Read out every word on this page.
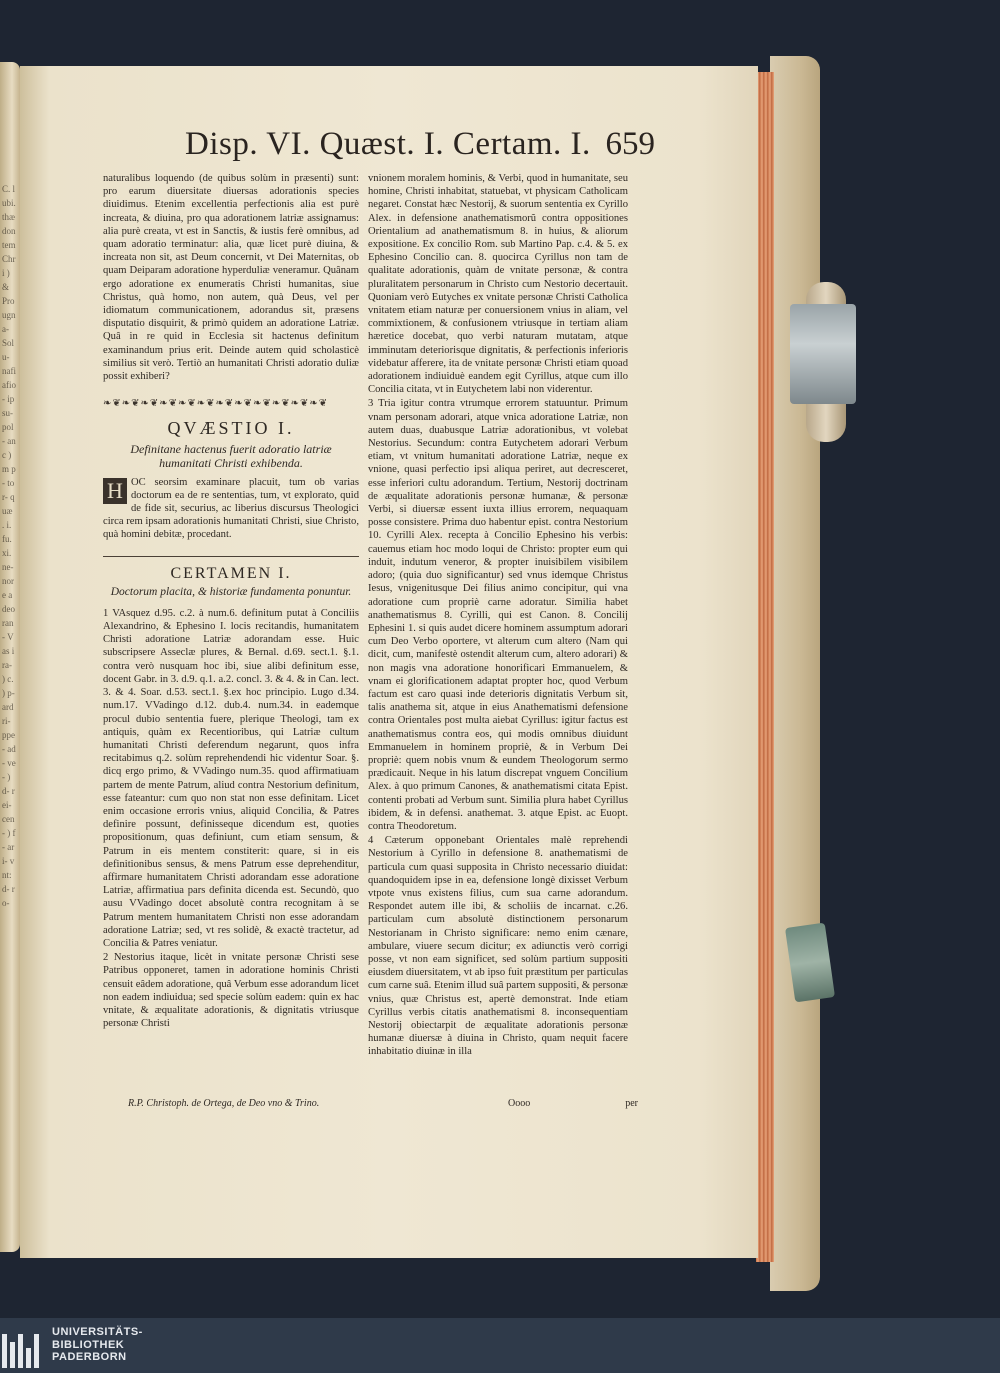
C. lubi. thæ don tem Chri ) & Pro ugna- Solu- nafi afio- ipsu- pol- anc ) m p- tor- quæ . i. fu. xi. ne- nore adeo ran- Vas i ra- ) c. ) p- ard ri- ppe- ad- ve- ) d- rei- cen- ) f- ari- vnt: d- ro-
Disp. VI. Quæst. I. Certam. I. 659

naturalibus loquendo (de quibus solùm in præsenti) sunt: pro earum diuersitate diuersas adorationis species diuidimus. Etenim excellentia perfectionis alia est purè increata, & diuina, pro qua adorationem latriæ assignamus: alia purè creata, vt est in Sanctis, & iustis ferè omnibus, ad quam adoratio terminatur: alia, quæ licet purè diuina, & increata non sit, ast Deum concernit, vt Dei Maternitas, ob quam Deiparam adoratione hyperduliæ veneramur. Quânam ergo adoratione ex enumeratis Christi humanitas, siue Christus, quà homo, non autem, quà Deus, vel per idiomatum communicationem, adorandus sit, præsens disputatio disquirit, & primò quidem an adoratione Latriæ. Quâ in re quid in Ecclesia sit hactenus definitum examinandum prius erit. Deinde autem quid scholasticè similius sit verò. Tertiò an humanitati Christi adoratio duliæ possit exhiberi?

❧❦❧❦❧❦❧❦❧❦❧❦❧❦❧❦❧❦❧❦❧❦❧❦
QVÆSTIO I.
Definitane hactenus fuerit adoratio latriæ humanitati Christi exhibenda.

H OC seorsim examinare placuit, tum ob varias doctorum ea de re sententias, tum, vt explorato, quid de fide sit, securius, ac liberius discursus Theologici circa rem ipsam adorationis humanitati Christi, siue Christo, quà homini debitæ, procedant.

CERTAMEN I.
Doctorum placita, & historiæ fundamenta ponuntur.

1 VAsquez d.95. c.2. à num.6. definitum putat à Conciliis Alexandrino, & Ephesino I. locis recitandis, humanitatem Christi adoratione Latriæ adorandam esse. Huic subscripsere Asseclæ plures, & Bernal. d.69. sect.1. §.1. contra verò nusquam hoc ibi, siue alibi definitum esse, docent Gabr. in 3. d.9. q.1. a.2. concl. 3. & 4. & in Can. lect. 3. & 4. Soar. d.53. sect.1. §.ex hoc principio. Lugo d.34. num.17. VVadingo d.12. dub.4. num.34. in eademque procul dubio sententia fuere, plerique Theologi, tam ex antiquis, quàm ex Recentioribus, qui Latriæ cultum humanitati Christi deferendum negarunt, quos infra recitabimus q.2. solùm reprehendendi hic videntur Soar. §. dicq ergo primo, & VVadingo num.35. quod affirmatiuam partem de mente Patrum, aliud contra Nestorium definitum, esse fateantur: cum quo non stat non esse definitam. Licet enim occasione erroris vnius, aliquid Concilia, & Patres definire possunt, definisseque dicendum est, quoties propositionum, quas definiunt, cum etiam sensum, & Patrum in eis mentem constiterit: quare, si in eis definitionibus sensus, & mens Patrum esse deprehenditur, affirmare humanitatem Christi adorandam esse adoratione Latriæ, affirmatiua pars definita dicenda est. Secundò, quo ausu VVadingo docet absolutè contra recognitam à se Patrum mentem humanitatem Christi non esse adorandam adoratione Latriæ; sed, vt res solidè, & exactè tractetur, ad Concilia & Patres veniatur.

2 Nestorius itaque, licèt in vnitate personæ Christi sese Patribus opponeret, tamen in adoratione hominis Christi censuit eâdem adoratione, quâ Verbum esse adorandum licet non eadem indiuidua; sed specie solùm eadem: quin ex hac vnitate, & æqualitate adorationis, & dignitatis vtriusque personæ Christi

vnionem moralem hominis, & Verbi, quod in humanitate, seu homine, Christi inhabitat, statuebat, vt physicam Catholicam negaret. Constat hæc Nestorij, & suorum sententia ex Cyrillo Alex. in defensione anathematismorũ contra oppositiones Orientalium ad anathematismum 8. in huius, & aliorum expositione. Ex concilio Rom. sub Martino Pap. c.4. & 5. ex Ephesino Concilio can. 8. quocirca Cyrillus non tam de qualitate adorationis, quàm de vnitate personæ, & contra pluralitatem personarum in Christo cum Nestorio decertauit. Quoniam verò Eutyches ex vnitate personæ Christi Catholica vnitatem etiam naturæ per conuersionem vnius in aliam, vel commixtionem, & confusionem vtriusque in tertiam aliam hæretice docebat, quo verbi naturam mutatam, atque imminutam deteriorisque dignitatis, & perfectionis inferioris videbatur afferere, ita de vnitate personæ Christi etiam quoad adorationem indiuiduè eandem egit Cyrillus, atque cum illo Concilia citata, vt in Eutychetem labi non viderentur.

3 Tria igitur contra vtrumque errorem statuuntur. Primum vnam personam adorari, atque vnica adoratione Latriæ, non autem duas, duabusque Latriæ adorationibus, vt volebat Nestorius. Secundum: contra Eutychetem adorari Verbum etiam, vt vnitum humanitati adoratione Latriæ, neque ex vnione, quasi perfectio ipsi aliqua periret, aut decresceret, esse inferiori cultu adorandum. Tertium, Nestorij doctrinam de æqualitate adorationis personæ humanæ, & personæ Verbi, si diuersæ essent iuxta illius errorem, nequaquam posse consistere. Prima duo habentur epist. contra Nestorium 10. Cyrilli Alex. recepta à Concilio Ephesino his verbis: cauemus etiam hoc modo loqui de Christo: propter eum qui induit, indutum veneror, & propter inuisibilem visibilem adoro; (quia duo significantur) sed vnus idemque Christus Iesus, vnigenitusque Dei filius animo concipitur, qui vna adoratione cum propriè carne adoratur. Similia habet anathematismus 8. Cyrilli, qui est Canon. 8. Concilij Ephesini 1. si quis audet dicere hominem assumptum adorari cum Deo Verbo oportere, vt alterum cum altero (Nam qui dicit, cum, manifestè ostendit alterum cum, altero adorari) & non magis vna adoratione honorificari Emmanuelem, & vnam ei glorificationem adaptat propter hoc, quod Verbum factum est caro quasi inde deterioris dignitatis Verbum sit, talis anathema sit, atque in eius Anathematismi defensione contra Orientales post multa aiebat Cyrillus: igitur factus est anathematismus contra eos, qui modis omnibus diuidunt Emmanuelem in hominem propriè, & in Verbum Dei propriè: quem nobis vnum & eundem Theologorum sermo prædicauit. Neque in his latum discrepat vnguem Concilium Alex. à quo primum Canones, & anathematismi citata Epist. contenti probati ad Verbum sunt. Similia plura habet Cyrillus ibidem, & in defensi. anathemat. 3. atque Epist. ac Euopt. contra Theodoretum.

4 Cæterum opponebant Orientales malè reprehendi Nestorium à Cyrillo in defensione 8. anathematismi de particula cum quasi supposita in Christo necessario diuidat: quandoquidem ipse in ea, defensione longè dixisset Verbum vtpote vnus existens filius, cum sua carne adorandum. Respondet autem ille ibi, & scholiis de incarnat. c.26. particulam cum absolutè distinctionem personarum Nestorianam in Christo significare: nemo enim cænare, ambulare, viuere secum dicitur; ex adiunctis verò corrigi posse, vt non eam significet, sed solùm partium suppositi eiusdem diuersitatem, vt ab ipso fuit præstitum per particulas cum carne suâ. Etenim illud suâ partem suppositi, & personæ vnius, quæ Christus est, apertè demonstrat. Inde etiam Cyrillus verbis citatis anathematismi 8. inconsequentiam Nestorij obiectarpit de æqualitate adorationis personæ humanæ diuersæ à diuina in Christo, quam nequit facere inhabitatio diuinæ in illa

R.P. Christoph. de Ortega, de Deo vno & Trino.	Oooo	per
UNIVERSITÄTS-
BIBLIOTHEK
PADERBORN
